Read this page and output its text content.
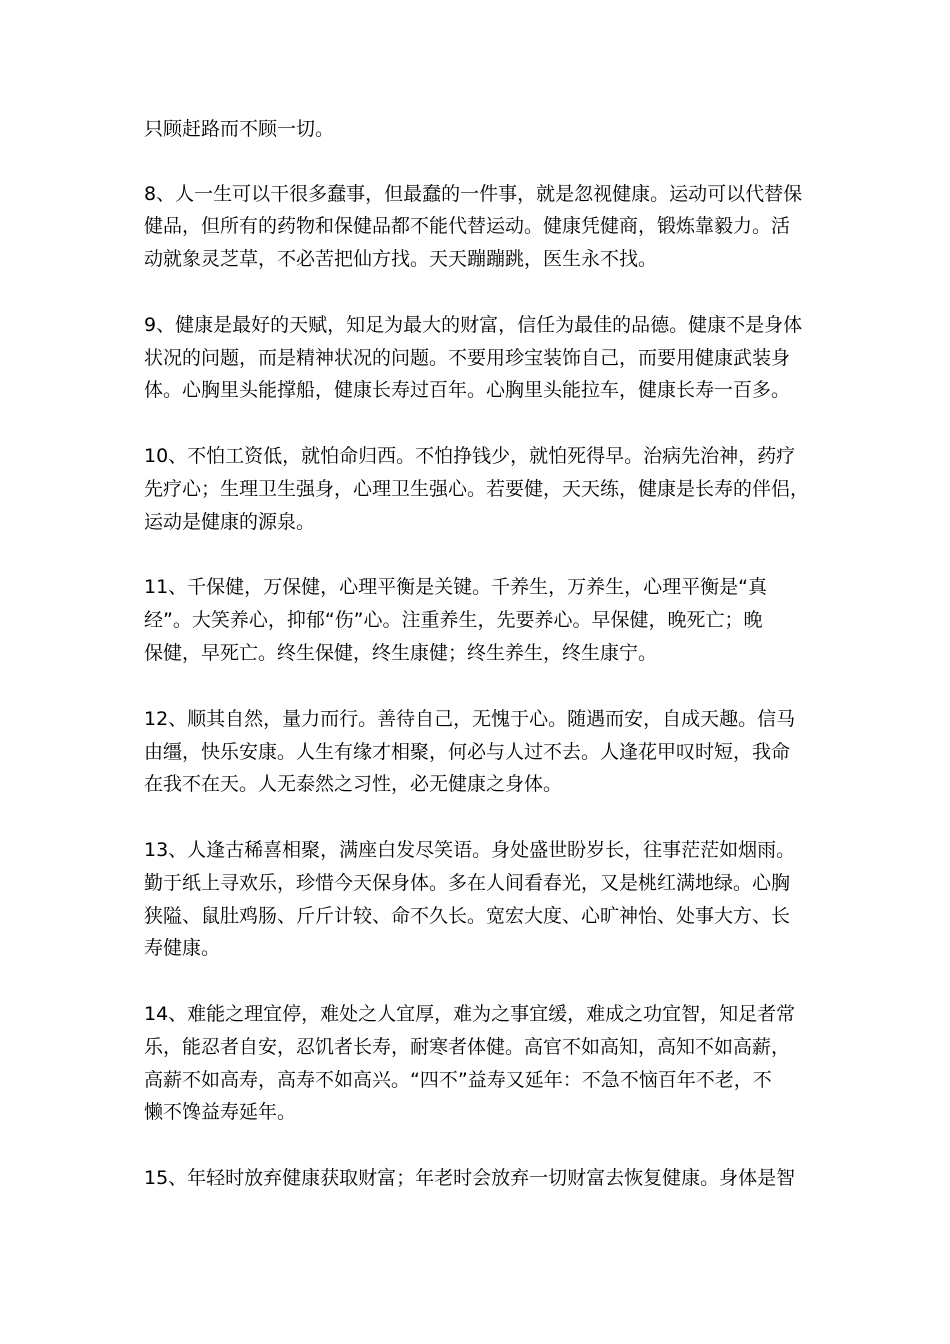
只顾赶路而不顾一切。
8、人一生可以干很多蠢事，但最蠢的一件事，就是忽视健康。运动可以代替保
健品，但所有的药物和保健品都不能代替运动。健康凭健商，锻炼靠毅力。活
动就象灵芝草，不必苦把仙方找。天天蹦蹦跳，医生永不找。
9、健康是最好的天赋，知足为最大的财富，信任为最佳的品德。健康不是身体
状况的问题，而是精神状况的问题。不要用珍宝装饰自己，而要用健康武装身
体。心胸里头能撑船，健康长寿过百年。心胸里头能拉车，健康长寿一百多。
10、不怕工资低，就怕命归西。不怕挣钱少，就怕死得早。治病先治神，药疗
先疗心；生理卫生强身，心理卫生强心。若要健，天天练，健康是长寿的伴侣，
运动是健康的源泉。
11、千保健，万保健，心理平衡是关键。千养生，万养生，心理平衡是“真
经”。大笑养心，抑郁“伤”心。注重养生，先要养心。早保健，晚死亡；晚
保健，早死亡。终生保健，终生康健；终生养生，终生康宁。
12、顺其自然，量力而行。善待自己，无愧于心。随遇而安，自成天趣。信马
由缰，快乐安康。人生有缘才相聚，何必与人过不去。人逢花甲叹时短，我命
在我不在天。人无泰然之习性，必无健康之身体。
13、人逢古稀喜相聚，满座白发尽笑语。身处盛世盼岁长，往事茫茫如烟雨。
勤于纸上寻欢乐，珍惜今天保身体。多在人间看春光，又是桃红满地绿。心胸
狭隘、鼠肚鸡肠、斤斤计较、命不久长。宽宏大度、心旷神怡、处事大方、长
寿健康。
14、难能之理宜停，难处之人宜厚，难为之事宜缓，难成之功宜智，知足者常
乐，能忍者自安，忍饥者长寿，耐寒者体健。高官不如高知，高知不如高薪，
高薪不如高寿，高寿不如高兴。“四不”益寿又延年：不急不恼百年不老，不
懒不馋益寿延年。
15、年轻时放弃健康获取财富；年老时会放弃一切财富去恢复健康。身体是智
